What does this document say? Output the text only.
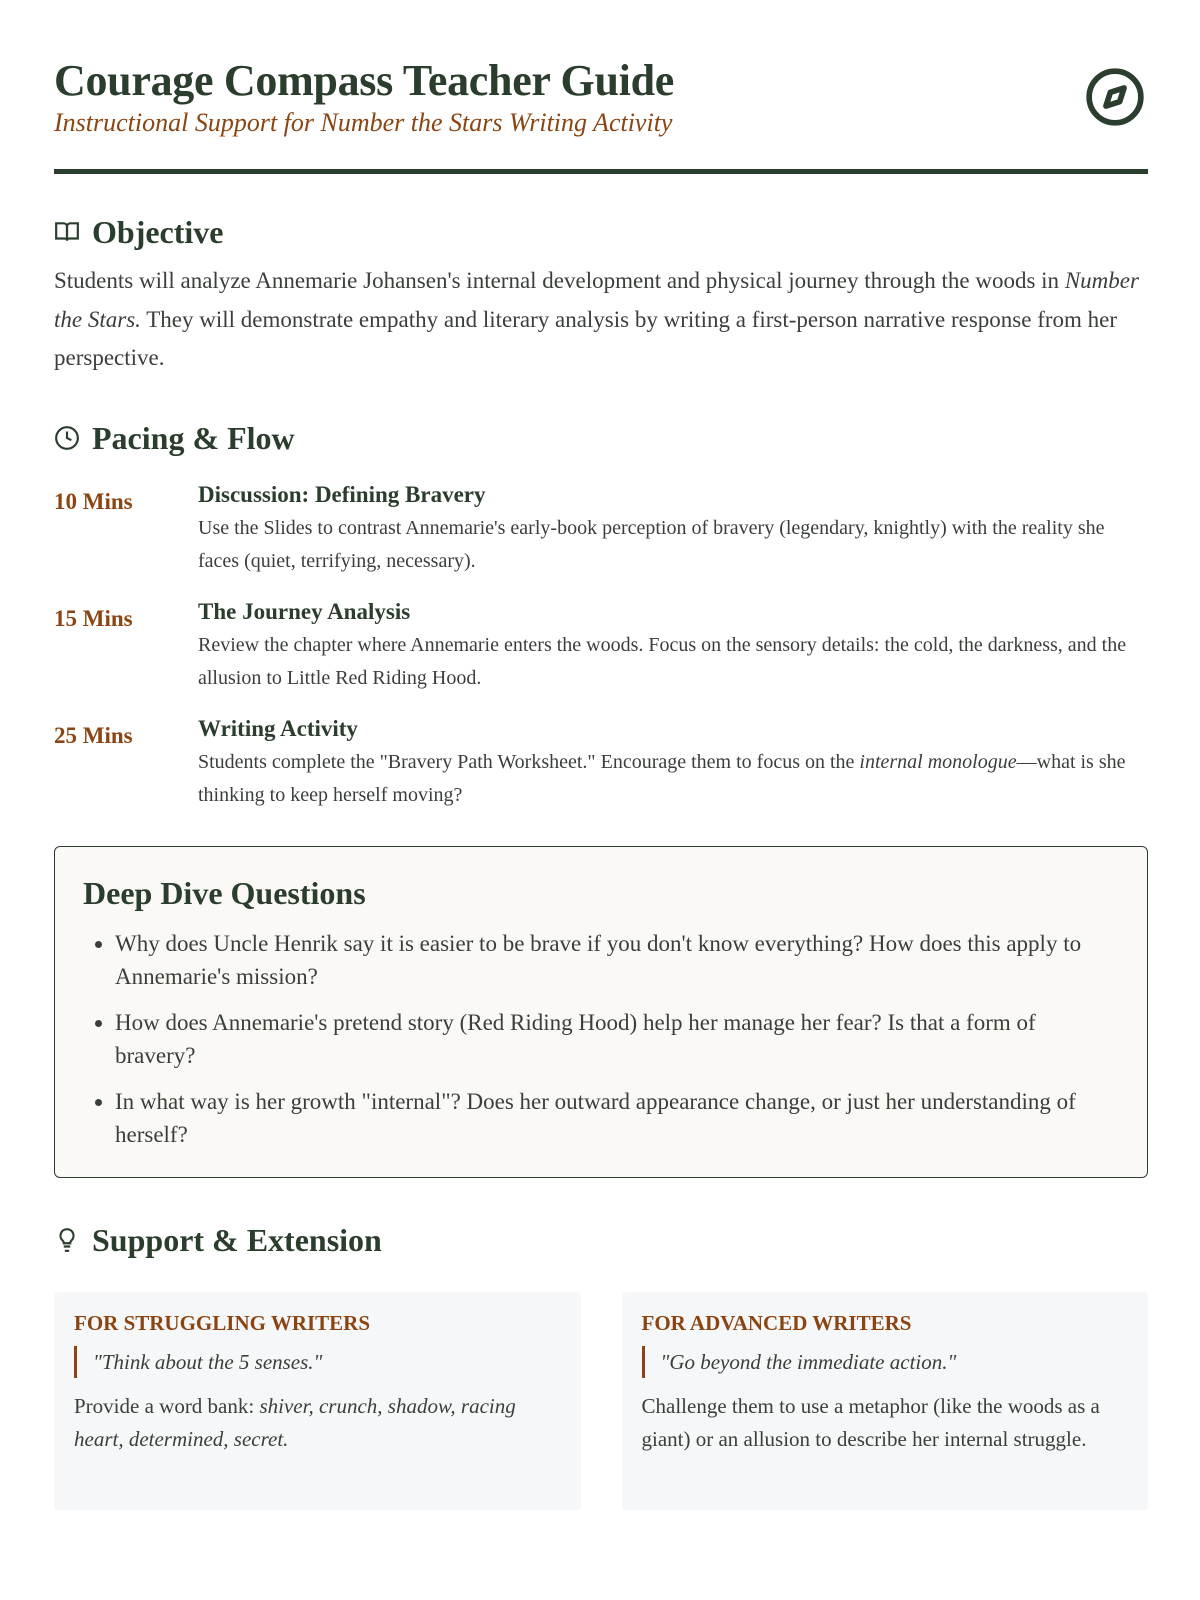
Courage Compass Teacher Guide
Instructional Support for Number the Stars Writing Activity
Objective

Students will analyze Annemarie Johansen's internal development and physical journey through the woods in Number the Stars. They will demonstrate empathy and literary analysis by writing a first-person narrative response from her perspective.

Pacing & Flow
10 Mins	Discussion: Defining Bravery
Use the Slides to contrast Annemarie's early-book perception of bravery (legendary, knightly) with the reality she faces (quiet, terrifying, necessary).
15 Mins	The Journey Analysis
Review the chapter where Annemarie enters the woods. Focus on the sensory details: the cold, the darkness, and the allusion to Little Red Riding Hood.
25 Mins	Writing Activity
Students complete the "Bravery Path Worksheet." Encourage them to focus on the internal monologue—what is she thinking to keep herself moving?
Deep Dive Questions
• Why does Uncle Henrik say it is easier to be brave if you don't know everything? How does this apply to Annemarie's mission?
• How does Annemarie's pretend story (Red Riding Hood) help her manage her fear? Is that a form of bravery?
• In what way is her growth "internal"? Does her outward appearance change, or just her understanding of herself?
Support & Extension
FOR STRUGGLING WRITERS
"Think about the 5 senses."
Provide a word bank: shiver, crunch, shadow, racing heart, determined, secret.
FOR ADVANCED WRITERS
"Go beyond the immediate action."
Challenge them to use a metaphor (like the woods as a giant) or an allusion to describe her internal struggle.
